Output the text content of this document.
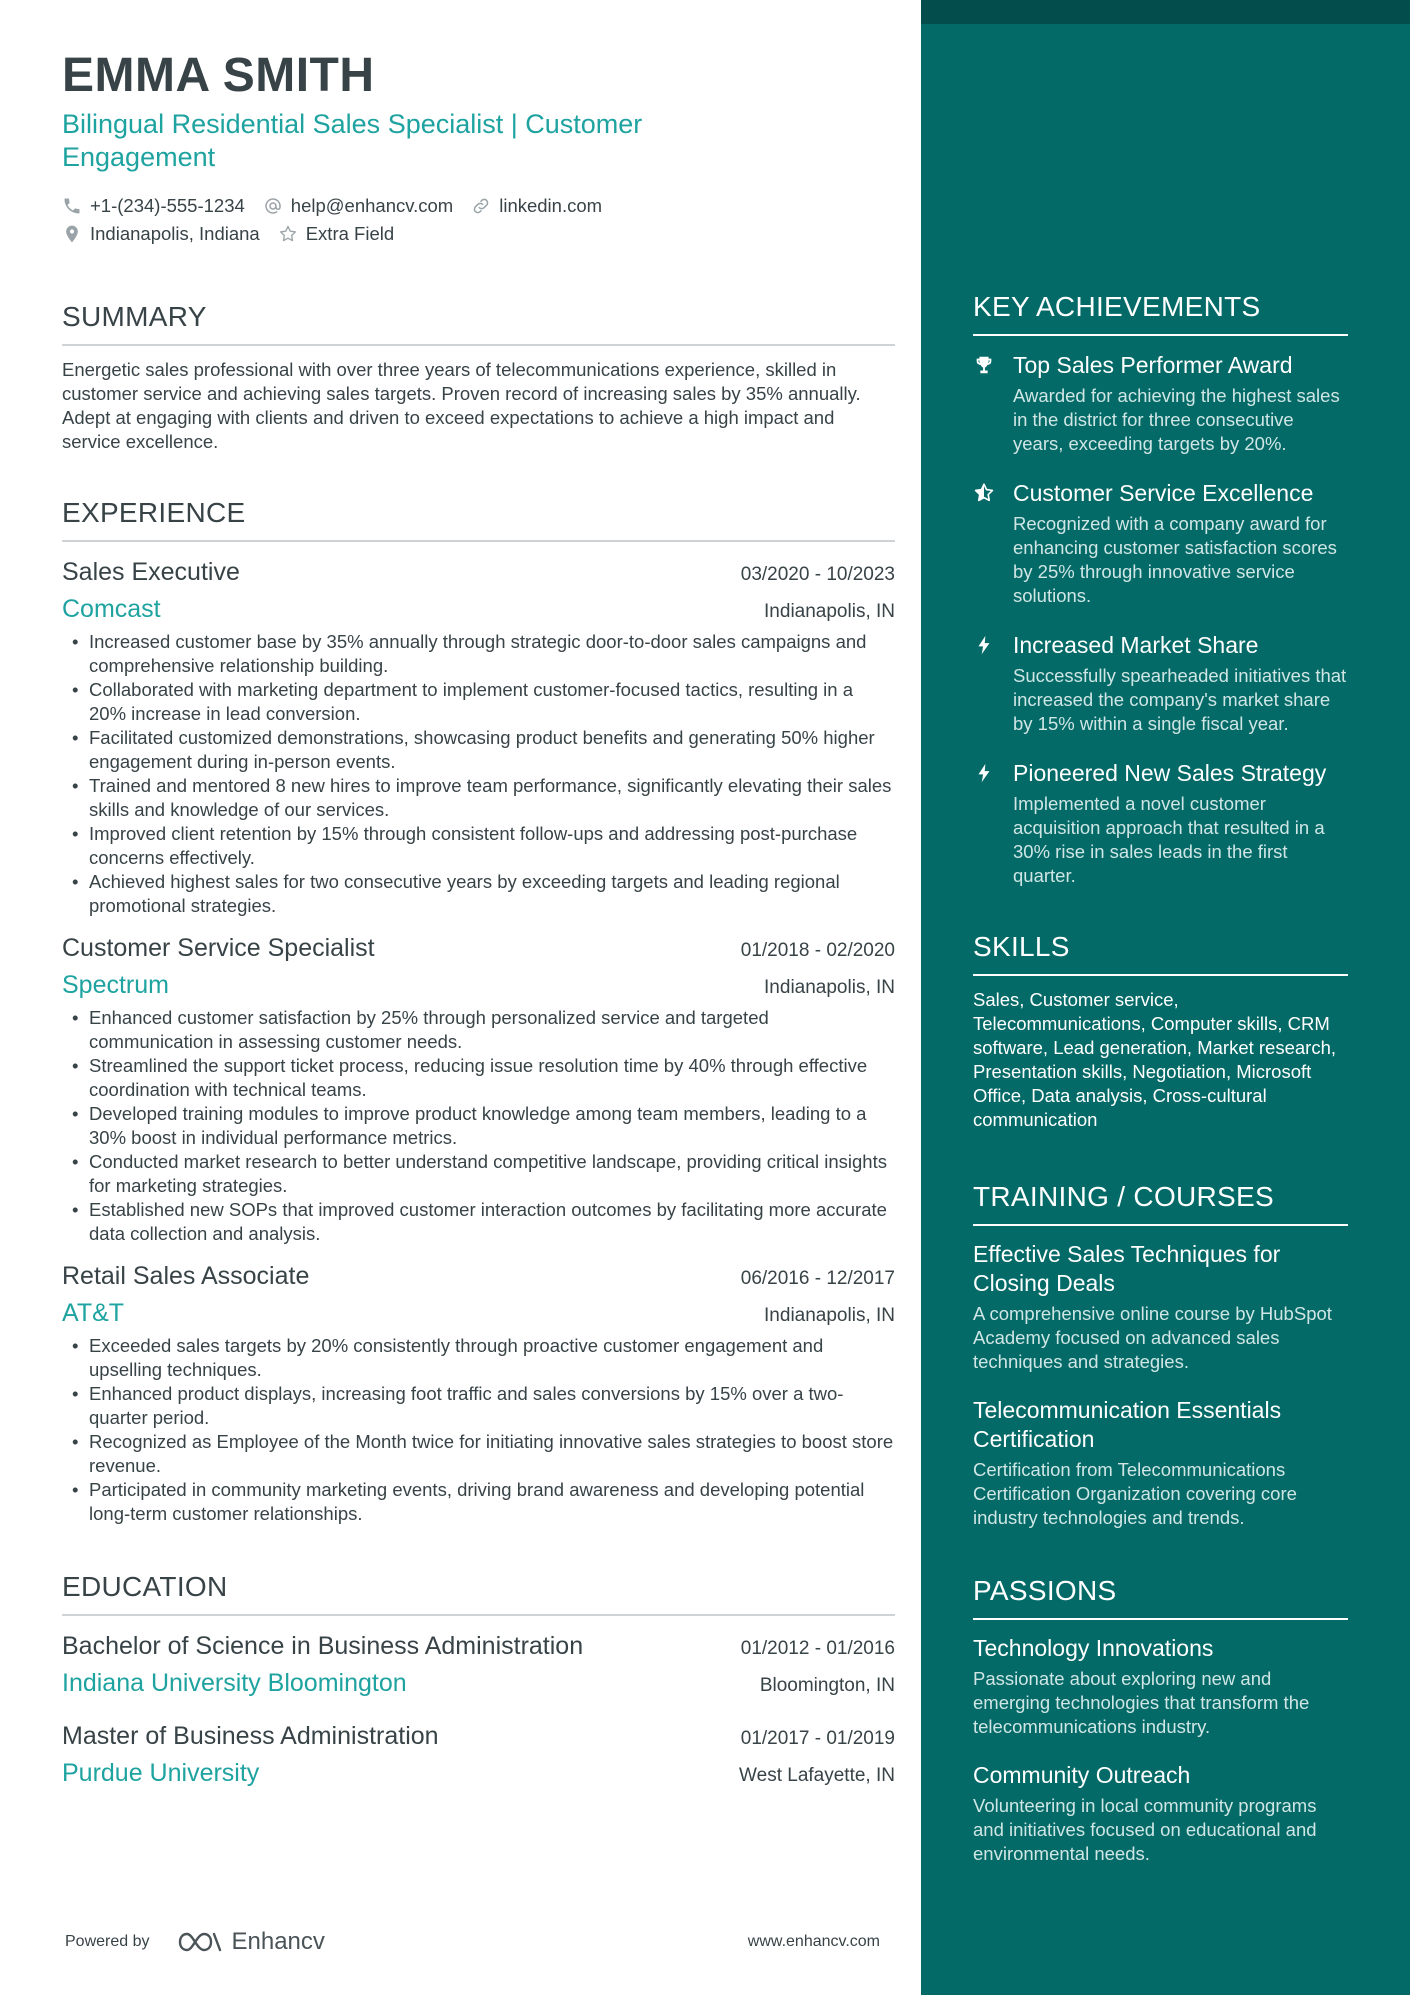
EMMA SMITH
Bilingual Residential Sales Specialist | Customer Engagement
+1-(234)-555-1234 help@enhancv.com linkedin.com
Indianapolis, Indiana Extra Field
SUMMARY
Energetic sales professional with over three years of telecommunications experience, skilled in customer service and achieving sales targets. Proven record of increasing sales by 35% annually. Adept at engaging with clients and driven to exceed expectations to achieve a high impact and service excellence.
EXPERIENCE
Sales Executive	03/2020 - 10/2023
Comcast	Indianapolis, IN
• Increased customer base by 35% annually through strategic door-to-door sales campaigns and comprehensive relationship building.
• Collaborated with marketing department to implement customer-focused tactics, resulting in a 20% increase in lead conversion.
• Facilitated customized demonstrations, showcasing product benefits and generating 50% higher engagement during in-person events.
• Trained and mentored 8 new hires to improve team performance, significantly elevating their sales skills and knowledge of our services.
• Improved client retention by 15% through consistent follow-ups and addressing post-purchase concerns effectively.
• Achieved highest sales for two consecutive years by exceeding targets and leading regional promotional strategies.
Customer Service Specialist	01/2018 - 02/2020
Spectrum	Indianapolis, IN
• Enhanced customer satisfaction by 25% through personalized service and targeted communication in assessing customer needs.
• Streamlined the support ticket process, reducing issue resolution time by 40% through effective coordination with technical teams.
• Developed training modules to improve product knowledge among team members, leading to a 30% boost in individual performance metrics.
• Conducted market research to better understand competitive landscape, providing critical insights for marketing strategies.
• Established new SOPs that improved customer interaction outcomes by facilitating more accurate data collection and analysis.
Retail Sales Associate	06/2016 - 12/2017
AT&T	Indianapolis, IN
• Exceeded sales targets by 20% consistently through proactive customer engagement and upselling techniques.
• Enhanced product displays, increasing foot traffic and sales conversions by 15% over a two-quarter period.
• Recognized as Employee of the Month twice for initiating innovative sales strategies to boost store revenue.
• Participated in community marketing events, driving brand awareness and developing potential long-term customer relationships.
EDUCATION
Bachelor of Science in Business Administration	01/2012 - 01/2016
Indiana University Bloomington	Bloomington, IN
Master of Business Administration	01/2017 - 01/2019
Purdue University	West Lafayette, IN
Powered by	Enhancv	www.enhancv.com
KEY ACHIEVEMENTS
Top Sales Performer Award
Awarded for achieving the highest sales in the district for three consecutive years, exceeding targets by 20%.
Customer Service Excellence
Recognized with a company award for enhancing customer satisfaction scores by 25% through innovative service solutions.
Increased Market Share
Successfully spearheaded initiatives that increased the company's market share by 15% within a single fiscal year.
Pioneered New Sales Strategy
Implemented a novel customer acquisition approach that resulted in a 30% rise in sales leads in the first quarter.
SKILLS
Sales, Customer service, Telecommunications, Computer skills, CRM software, Lead generation, Market research, Presentation skills, Negotiation, Microsoft Office, Data analysis, Cross-cultural communication
TRAINING / COURSES
Effective Sales Techniques for Closing Deals
A comprehensive online course by HubSpot Academy focused on advanced sales techniques and strategies.
Telecommunication Essentials Certification
Certification from Telecommunications Certification Organization covering core industry technologies and trends.
PASSIONS
Technology Innovations
Passionate about exploring new and emerging technologies that transform the telecommunications industry.
Community Outreach
Volunteering in local community programs and initiatives focused on educational and environmental needs.
